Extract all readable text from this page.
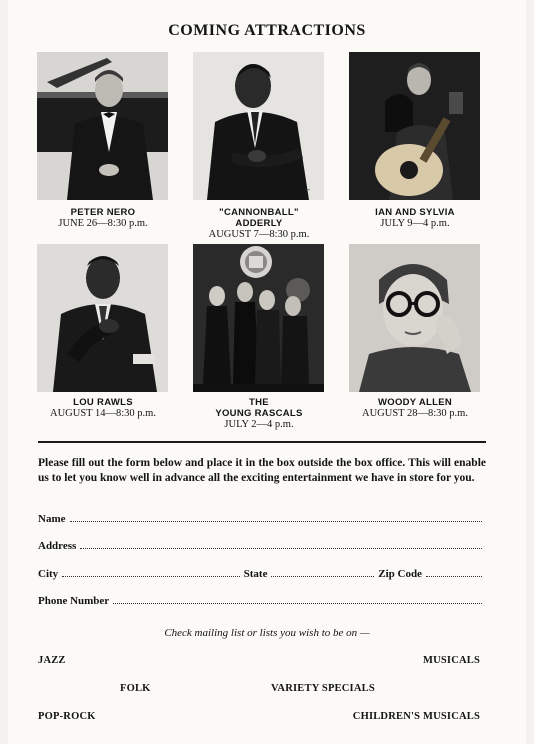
COMING ATTRACTIONS
~
PETER NERO
JUNE 26—8:30 p.m.
"CANNONBALL"
ADDERLY
AUGUST 7—8:30 p.m.
IAN AND SYLVIA
JULY 9—4 p.m.
LOU RAWLS
AUGUST 14—8:30 p.m.
THE
YOUNG RASCALS
JULY 2—4 p.m.
WOODY ALLEN
AUGUST 28—8:30 p.m.
Please fill out the form below and place it in the box outside the box office. This will enable us to let you know well in advance all the exciting entertainment we have in store for you.
Name
Address
City	State	Zip Code
Phone Number
Check mailing list or lists you wish to be on —
JAZZ	MUSICALS
FOLK	VARIETY SPECIALS
POP-ROCK	CHILDREN'S MUSICALS
